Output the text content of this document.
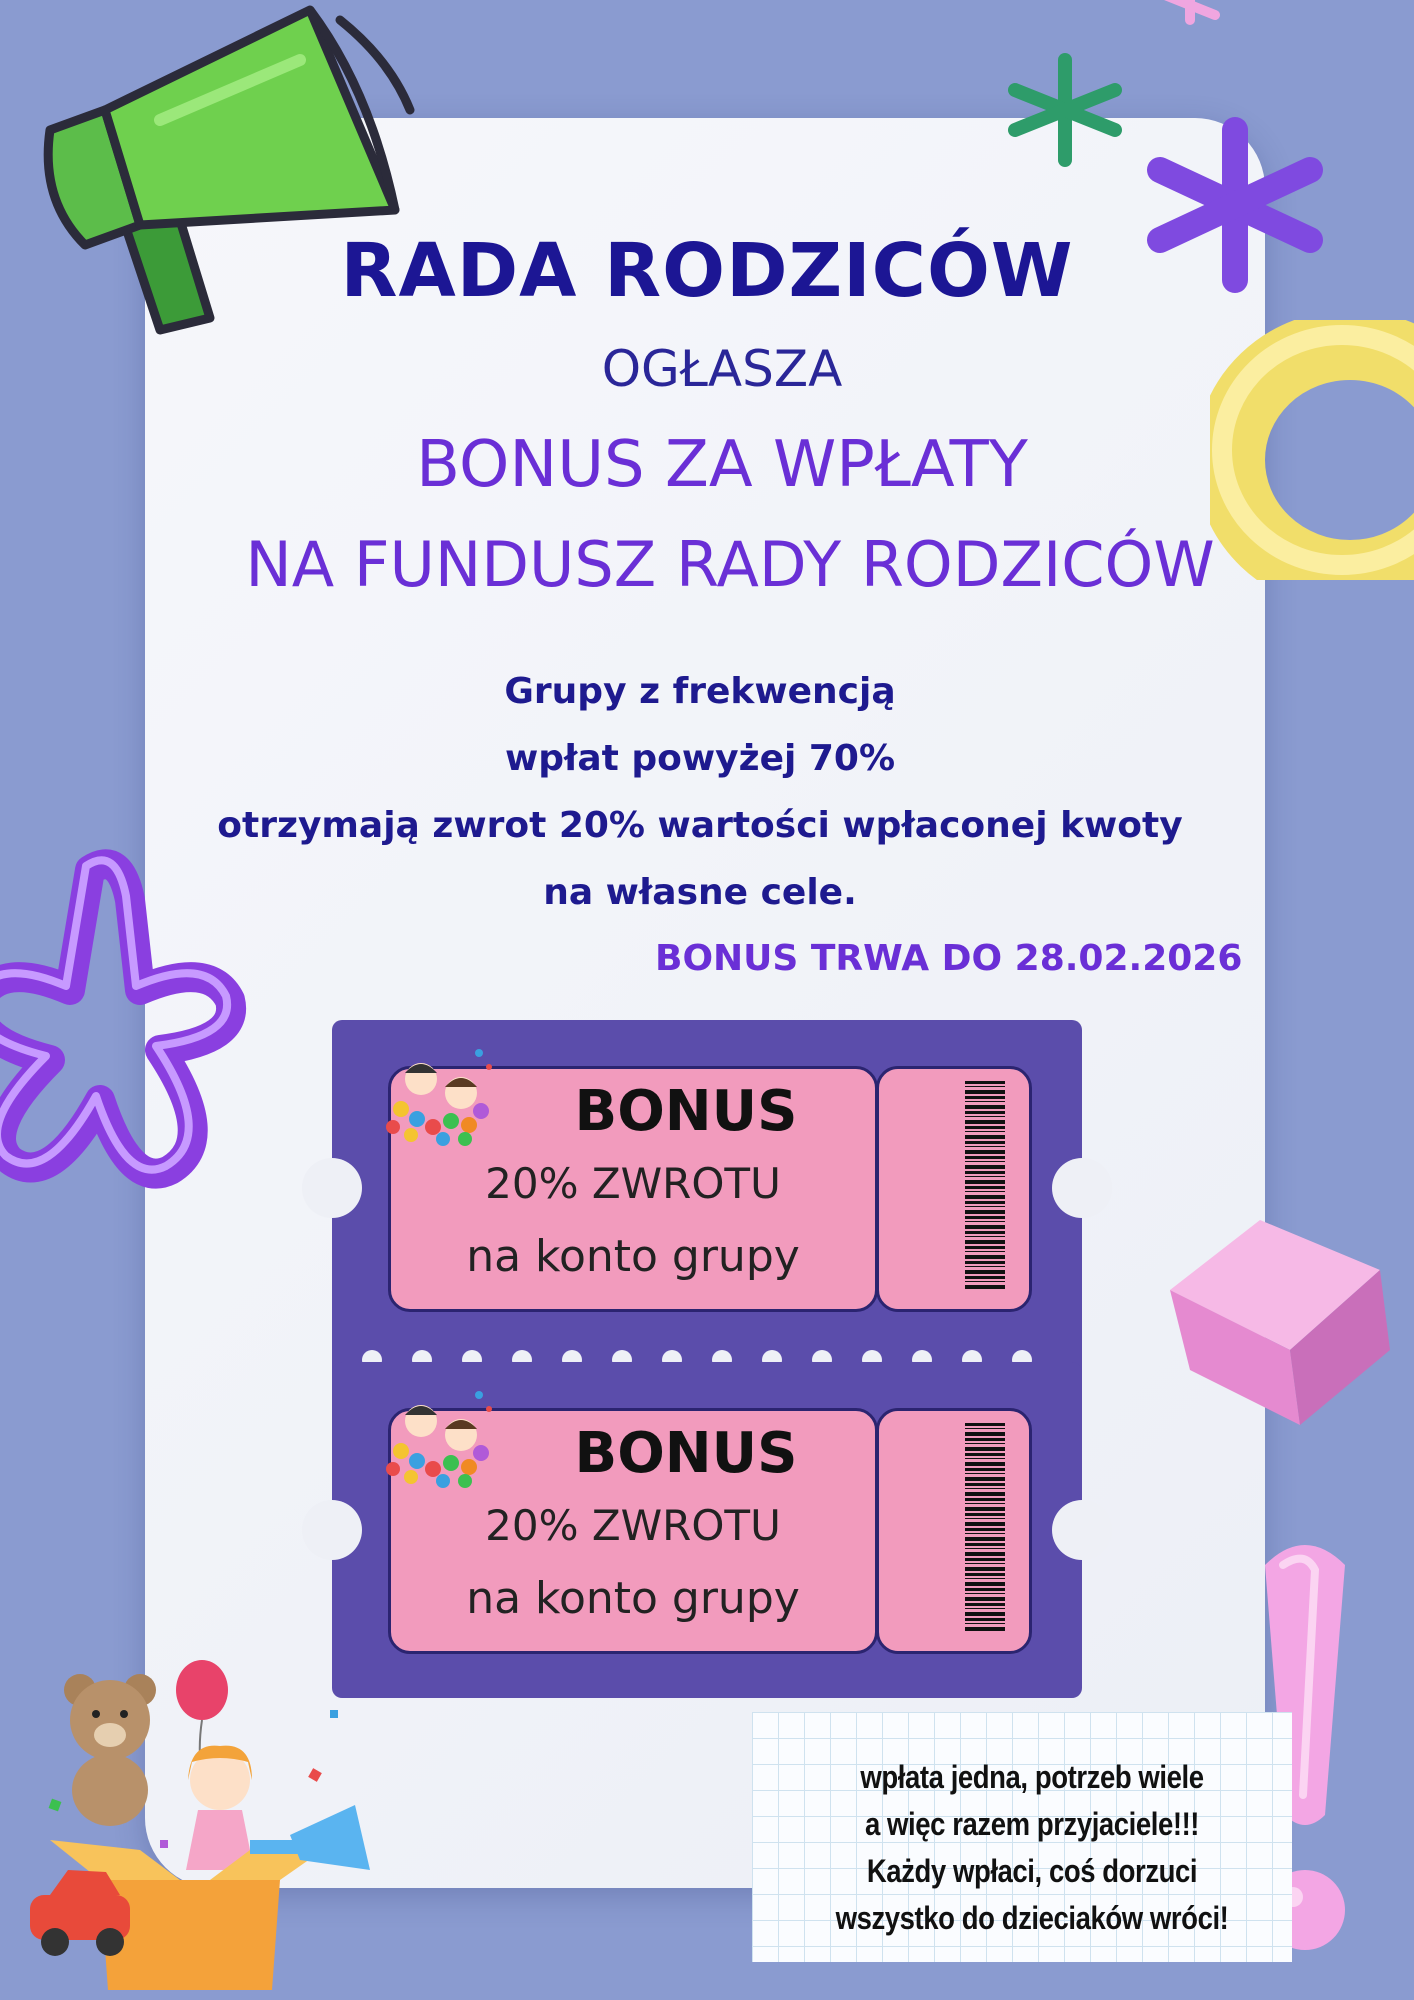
RADA RODZICÓW
OGŁASZA
BONUS ZA WPŁATY
NA FUNDUSZ RADY RODZICÓW
Grupy z frekwencją
wpłat powyżej 70%
otrzymają zwrot 20% wartości wpłaconej kwoty
na własne cele.
BONUS TRWA DO 28.02.2026
BONUS
20% ZWROTU
na konto grupy
BONUS
20% ZWROTU
na konto grupy
wpłata jedna, potrzeb wiele
a więc razem przyjaciele!!!
Każdy wpłaci, coś dorzuci
wszystko do dzieciaków wróci!
